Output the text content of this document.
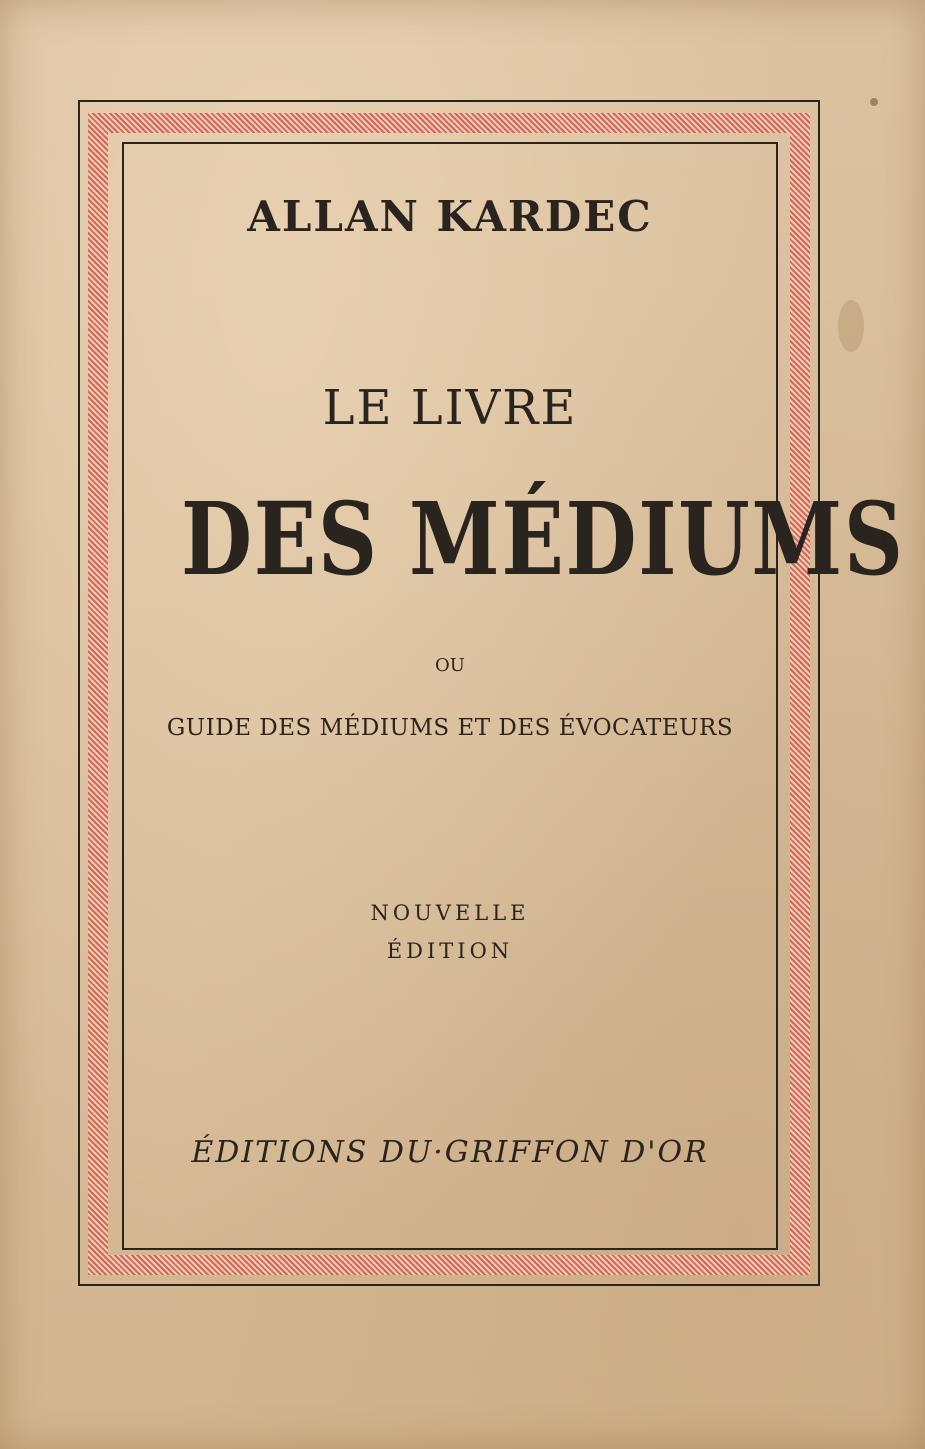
ALLAN KARDEC

LE LIVRE

DES MÉDIUMS

OU

GUIDE DES MÉDIUMS ET DES ÉVOCATEURS

NOUVELLE
ÉDITION

ÉDITIONS DU·GRIFFON D'OR
